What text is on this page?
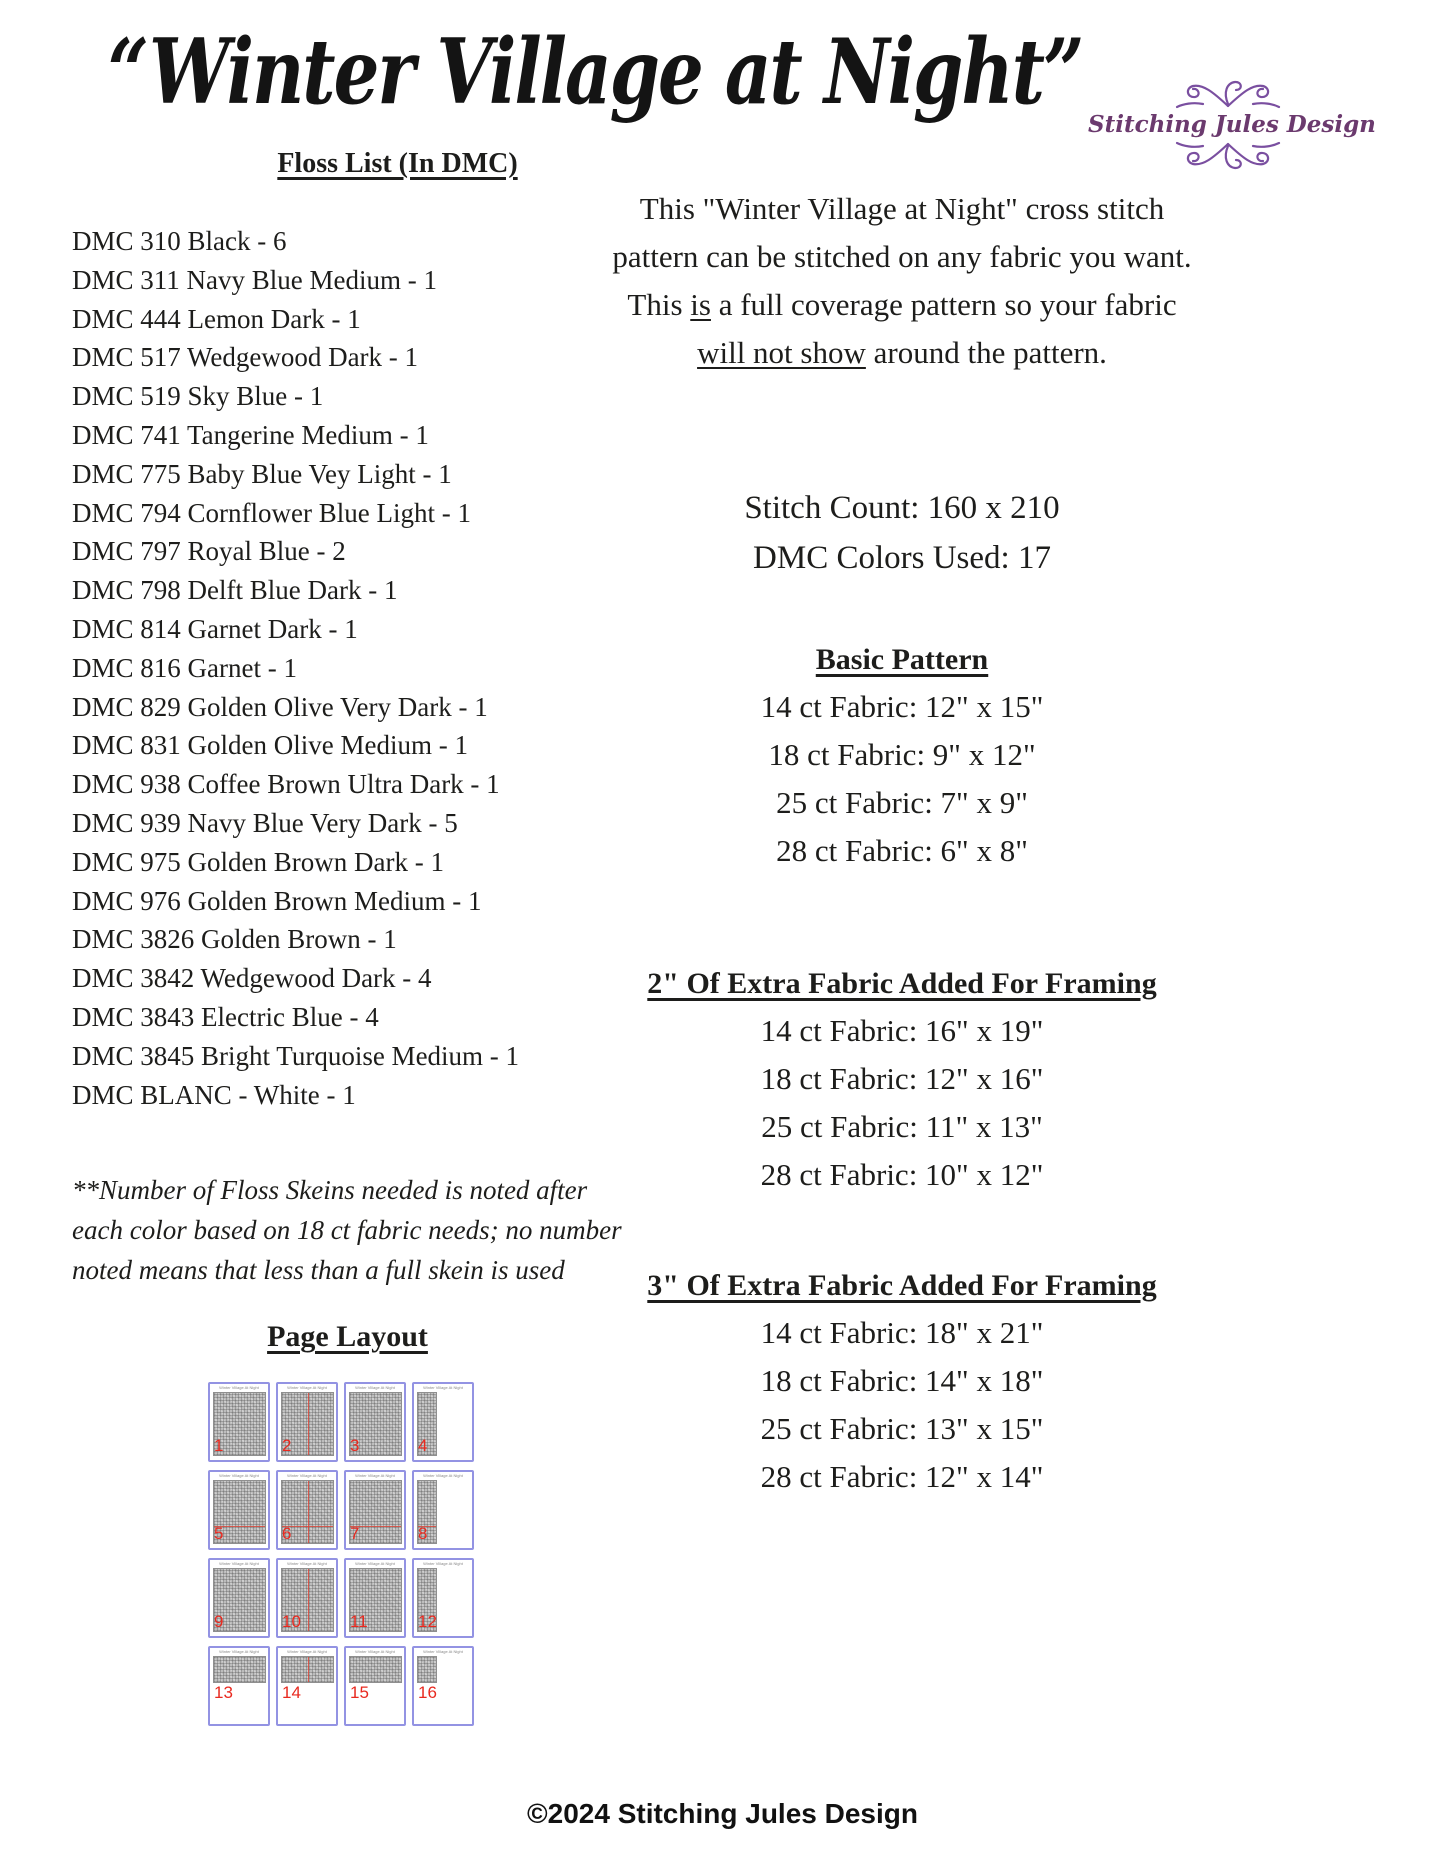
“Winter Village at Night”
Stitching Jules Design
Floss List (In DMC)
DMC 310 Black - 6
DMC 311 Navy Blue Medium - 1
DMC 444 Lemon Dark - 1
DMC 517 Wedgewood Dark - 1
DMC 519 Sky Blue - 1
DMC 741 Tangerine Medium - 1
DMC 775 Baby Blue Vey Light - 1
DMC 794 Cornflower Blue Light - 1
DMC 797 Royal Blue - 2
DMC 798 Delft Blue Dark - 1
DMC 814 Garnet Dark - 1
DMC 816 Garnet - 1
DMC 829 Golden Olive Very Dark - 1
DMC 831 Golden Olive Medium - 1
DMC 938 Coffee Brown Ultra Dark - 1
DMC 939 Navy Blue Very Dark - 5
DMC 975 Golden Brown Dark - 1
DMC 976 Golden Brown Medium - 1
DMC 3826 Golden Brown - 1
DMC 3842 Wedgewood Dark - 4
DMC 3843 Electric Blue - 4
DMC 3845 Bright Turquoise Medium - 1
DMC BLANC - White - 1
**Number of Floss Skeins needed is noted after each color based on 18 ct fabric needs; no number noted means that less than a full skein is used
Page Layout
Winter Village At Night
1
Winter Village At Night
2
Winter Village At Night
3
Winter Village At Night
4
Winter Village At Night
5
Winter Village At Night
6
Winter Village At Night
7
Winter Village At Night
8
Winter Village At Night
9
Winter Village At Night
10
Winter Village At Night
11
Winter Village At Night
12
Winter Village At Night
13
Winter Village At Night
14
Winter Village At Night
15
Winter Village At Night
16
This "Winter Village at Night" cross stitch pattern can be stitched on any fabric you want. This is a full coverage pattern so your fabric will not show around the pattern.
Stitch Count: 160 x 210
DMC Colors Used: 17
Basic Pattern
14 ct Fabric: 12" x 15"
18 ct Fabric: 9" x 12"
25 ct Fabric: 7" x 9"
28 ct Fabric: 6" x 8"
2" Of Extra Fabric Added For Framing
14 ct Fabric: 16" x 19"
18 ct Fabric: 12" x 16"
25 ct Fabric: 11" x 13"
28 ct Fabric: 10" x 12"
3" Of Extra Fabric Added For Framing
14 ct Fabric: 18" x 21"
18 ct Fabric: 14" x 18"
25 ct Fabric: 13" x 15"
28 ct Fabric: 12" x 14"
©2024 Stitching Jules Design
